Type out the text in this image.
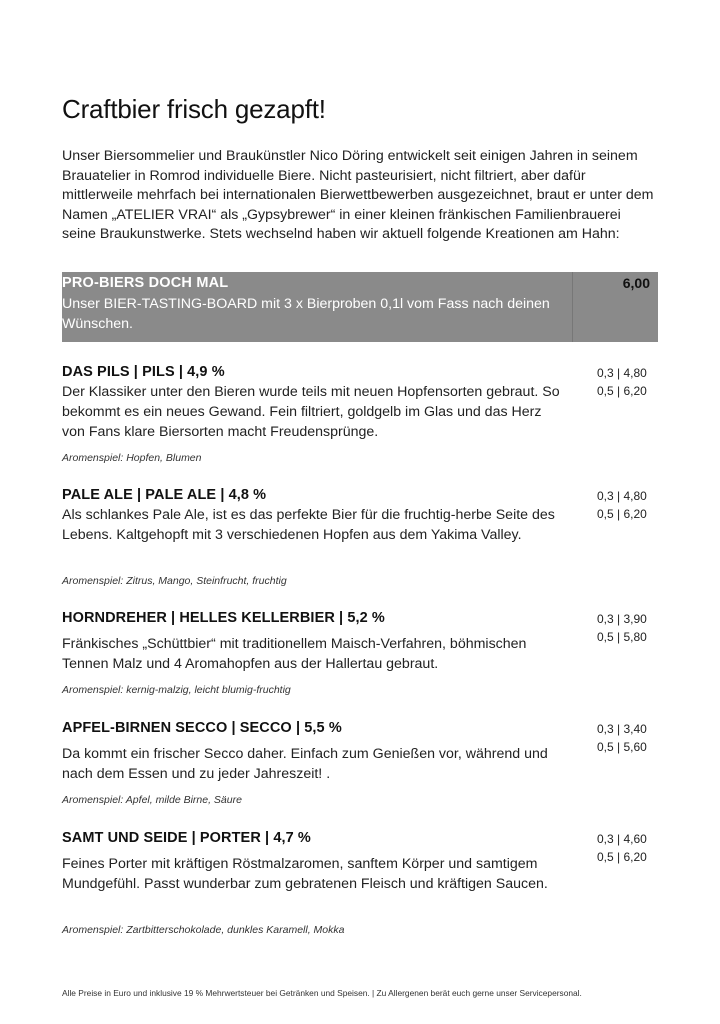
Craftbier frisch gezapft!

Unser Biersommelier und Braukünstler Nico Döring entwickelt seit einigen Jahren in seinem Brauatelier in Romrod individuelle Biere. Nicht pasteurisiert, nicht filtriert, aber dafür mittlerweile mehrfach bei internationalen Bierwettbewerben ausgezeichnet, braut er unter dem Namen „ATELIER VRAI“ als „Gypsybrewer“ in einer kleinen fränkischen Familienbrauerei seine Braukunstwerke. Stets wechselnd haben wir aktuell folgende Kreationen am Hahn:

PRO-BIERS DOCH MAL
Unser BIER-TASTING-BOARD mit 3 x Bierproben 0,1l vom Fass nach deinen Wünschen.
6,00
DAS PILS | PILS | 4,9 %
Der Klassiker unter den Bieren wurde teils mit neuen Hopfensorten gebraut. So bekommt es ein neues Gewand. Fein filtriert, goldgelb im Glas und das Herz von Fans klare Biersorten macht Freudensprünge.
Aromenspiel: Hopfen, Blumen
0,3 | 4,80
0,5 | 6,20
PALE ALE | PALE ALE | 4,8 %
Als schlankes Pale Ale, ist es das perfekte Bier für die fruchtig-herbe Seite des Lebens. Kaltgehopft mit 3 verschiedenen Hopfen aus dem Yakima Valley.
Aromenspiel: Zitrus, Mango, Steinfrucht, fruchtig
0,3 | 4,80
0,5 | 6,20
HORNDREHER | HELLES KELLERBIER | 5,2 %
Fränkisches „Schüttbier“ mit traditionellem Maisch-Verfahren, böhmischen Tennen Malz und 4 Aromahopfen aus der Hallertau gebraut.
Aromenspiel: kernig-malzig, leicht blumig-fruchtig
0,3 | 3,90
0,5 | 5,80
APFEL-BIRNEN SECCO | SECCO | 5,5 %
Da kommt ein frischer Secco daher. Einfach zum Genießen vor, während und nach dem Essen und zu jeder Jahreszeit! .
Aromenspiel: Apfel, milde Birne, Säure
0,3 | 3,40
0,5 | 5,60
SAMT UND SEIDE | PORTER | 4,7 %
Feines Porter mit kräftigen Röstmalzaromen, sanftem Körper und samtigem Mundgefühl. Passt wunderbar zum gebratenen Fleisch und kräftigen Saucen.
Aromenspiel: Zartbitterschokolade, dunkles Karamell, Mokka
0,3 | 4,60
0,5 | 6,20
Alle Preise in Euro und inklusive 19 % Mehrwertsteuer bei Getränken und Speisen. | Zu Allergenen berät euch gerne unser Servicepersonal.
